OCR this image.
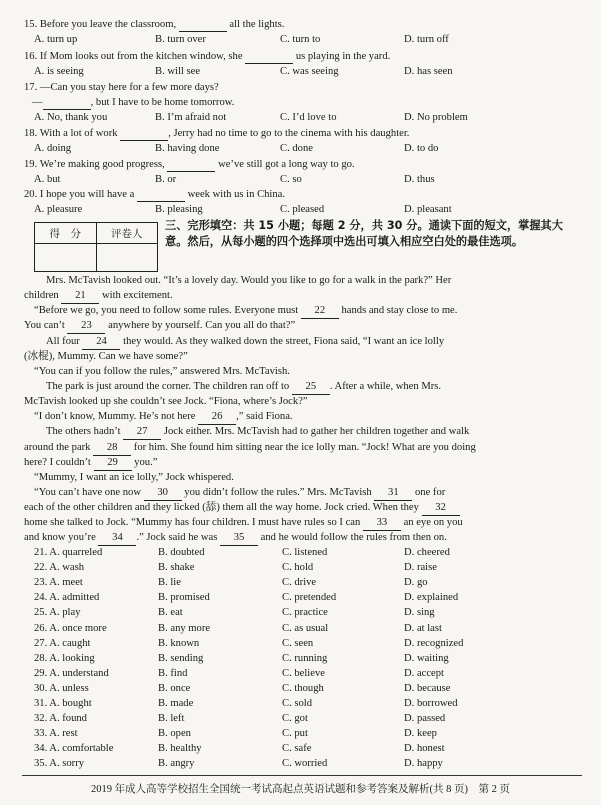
15. Before you leave the classroom,	all the lights.
A. turn up	B. turn over	C. turn to	D. turn off
16. If Mom looks out from the kitchen window, she	us playing in the yard.
A. is seeing	B. will see	C. was seeing	D. has seen
17. —Can you stay here for a few more days?
—	, but I have to be home tomorrow.
A. No, thank you	B. I’m afraid not	C. I’d love to	D. No problem
18. With a lot of work	, Jerry had no time to go to the cinema with his daughter.
A. doing	B. having done	C. done	D. to do
19. We’re making good progress,	we’ve still got a long way to go.
A. but	B. or	C. so	D. thus
20. I hope you will have a	week with us in China.
A. pleasure	B. pleasing	C. pleased	D. pleasant
得　分	评卷人

三、完形填空：共 15 小题；每题 2 分，共 30 分。通读下面的短文，掌握其大意。然后，从每小题的四个选择项中选出可填入相应空白处的最佳选项。
Mrs. McTavish looked out. “It’s a lovely day. Would you like to go for a walk in the park?” Her
children 21 with excitement.
“Before we go, you need to follow some rules. Everyone must 22 hands and stay close to me.
You can’t 23 anywhere by yourself. Can you all do that?”
All four 24 they would. As they walked down the street, Fiona said, “I want an ice lolly
(冰棍), Mummy. Can we have some?”
“You can if you follow the rules,” answered Mrs. McTavish.
The park is just around the corner. The children ran off to 25 . After a while, when Mrs.
McTavish looked up she couldn’t see Jock. “Fiona, where’s Jock?”
“I don’t know, Mummy. He’s not here 26 ,” said Fiona.
The others hadn’t 27 Jock either. Mrs. McTavish had to gather her children together and walk
around the park 28 for him. She found him sitting near the ice lolly man. “Jock! What are you doing
here? I couldn’t 29 you.”
“Mummy, I want an ice lolly,” Jock whispered.
“You can’t have one now 30 you didn’t follow the rules.” Mrs. McTavish 31 one for
each of the other children and they licked (舔) them all the way home. Jock cried. When they 32
home she talked to Jock. “Mummy has four children. I must have rules so I can 33 an eye on you
and know you’re 34 .” Jock said he was 35 and he would follow the rules from then on.
21. A. quarreled	B. doubted	C. listened	D. cheered
22. A. wash	B. shake	C. hold	D. raise
23. A. meet	B. lie	C. drive	D. go
24. A. admitted	B. promised	C. pretended	D. explained
25. A. play	B. eat	C. practice	D. sing
26. A. once more	B. any more	C. as usual	D. at last
27. A. caught	B. known	C. seen	D. recognized
28. A. looking	B. sending	C. running	D. waiting
29. A. understand	B. find	C. believe	D. accept
30. A. unless	B. once	C. though	D. because
31. A. bought	B. made	C. sold	D. borrowed
32. A. found	B. left	C. got	D. passed
33. A. rest	B. open	C. put	D. keep
34. A. comfortable	B. healthy	C. safe	D. honest
35. A. sorry	B. angry	C. worried	D. happy
2019 年成人高等学校招生全国统一考试高起点英语试题和参考答案及解析(共 8 页)　第 2 页
